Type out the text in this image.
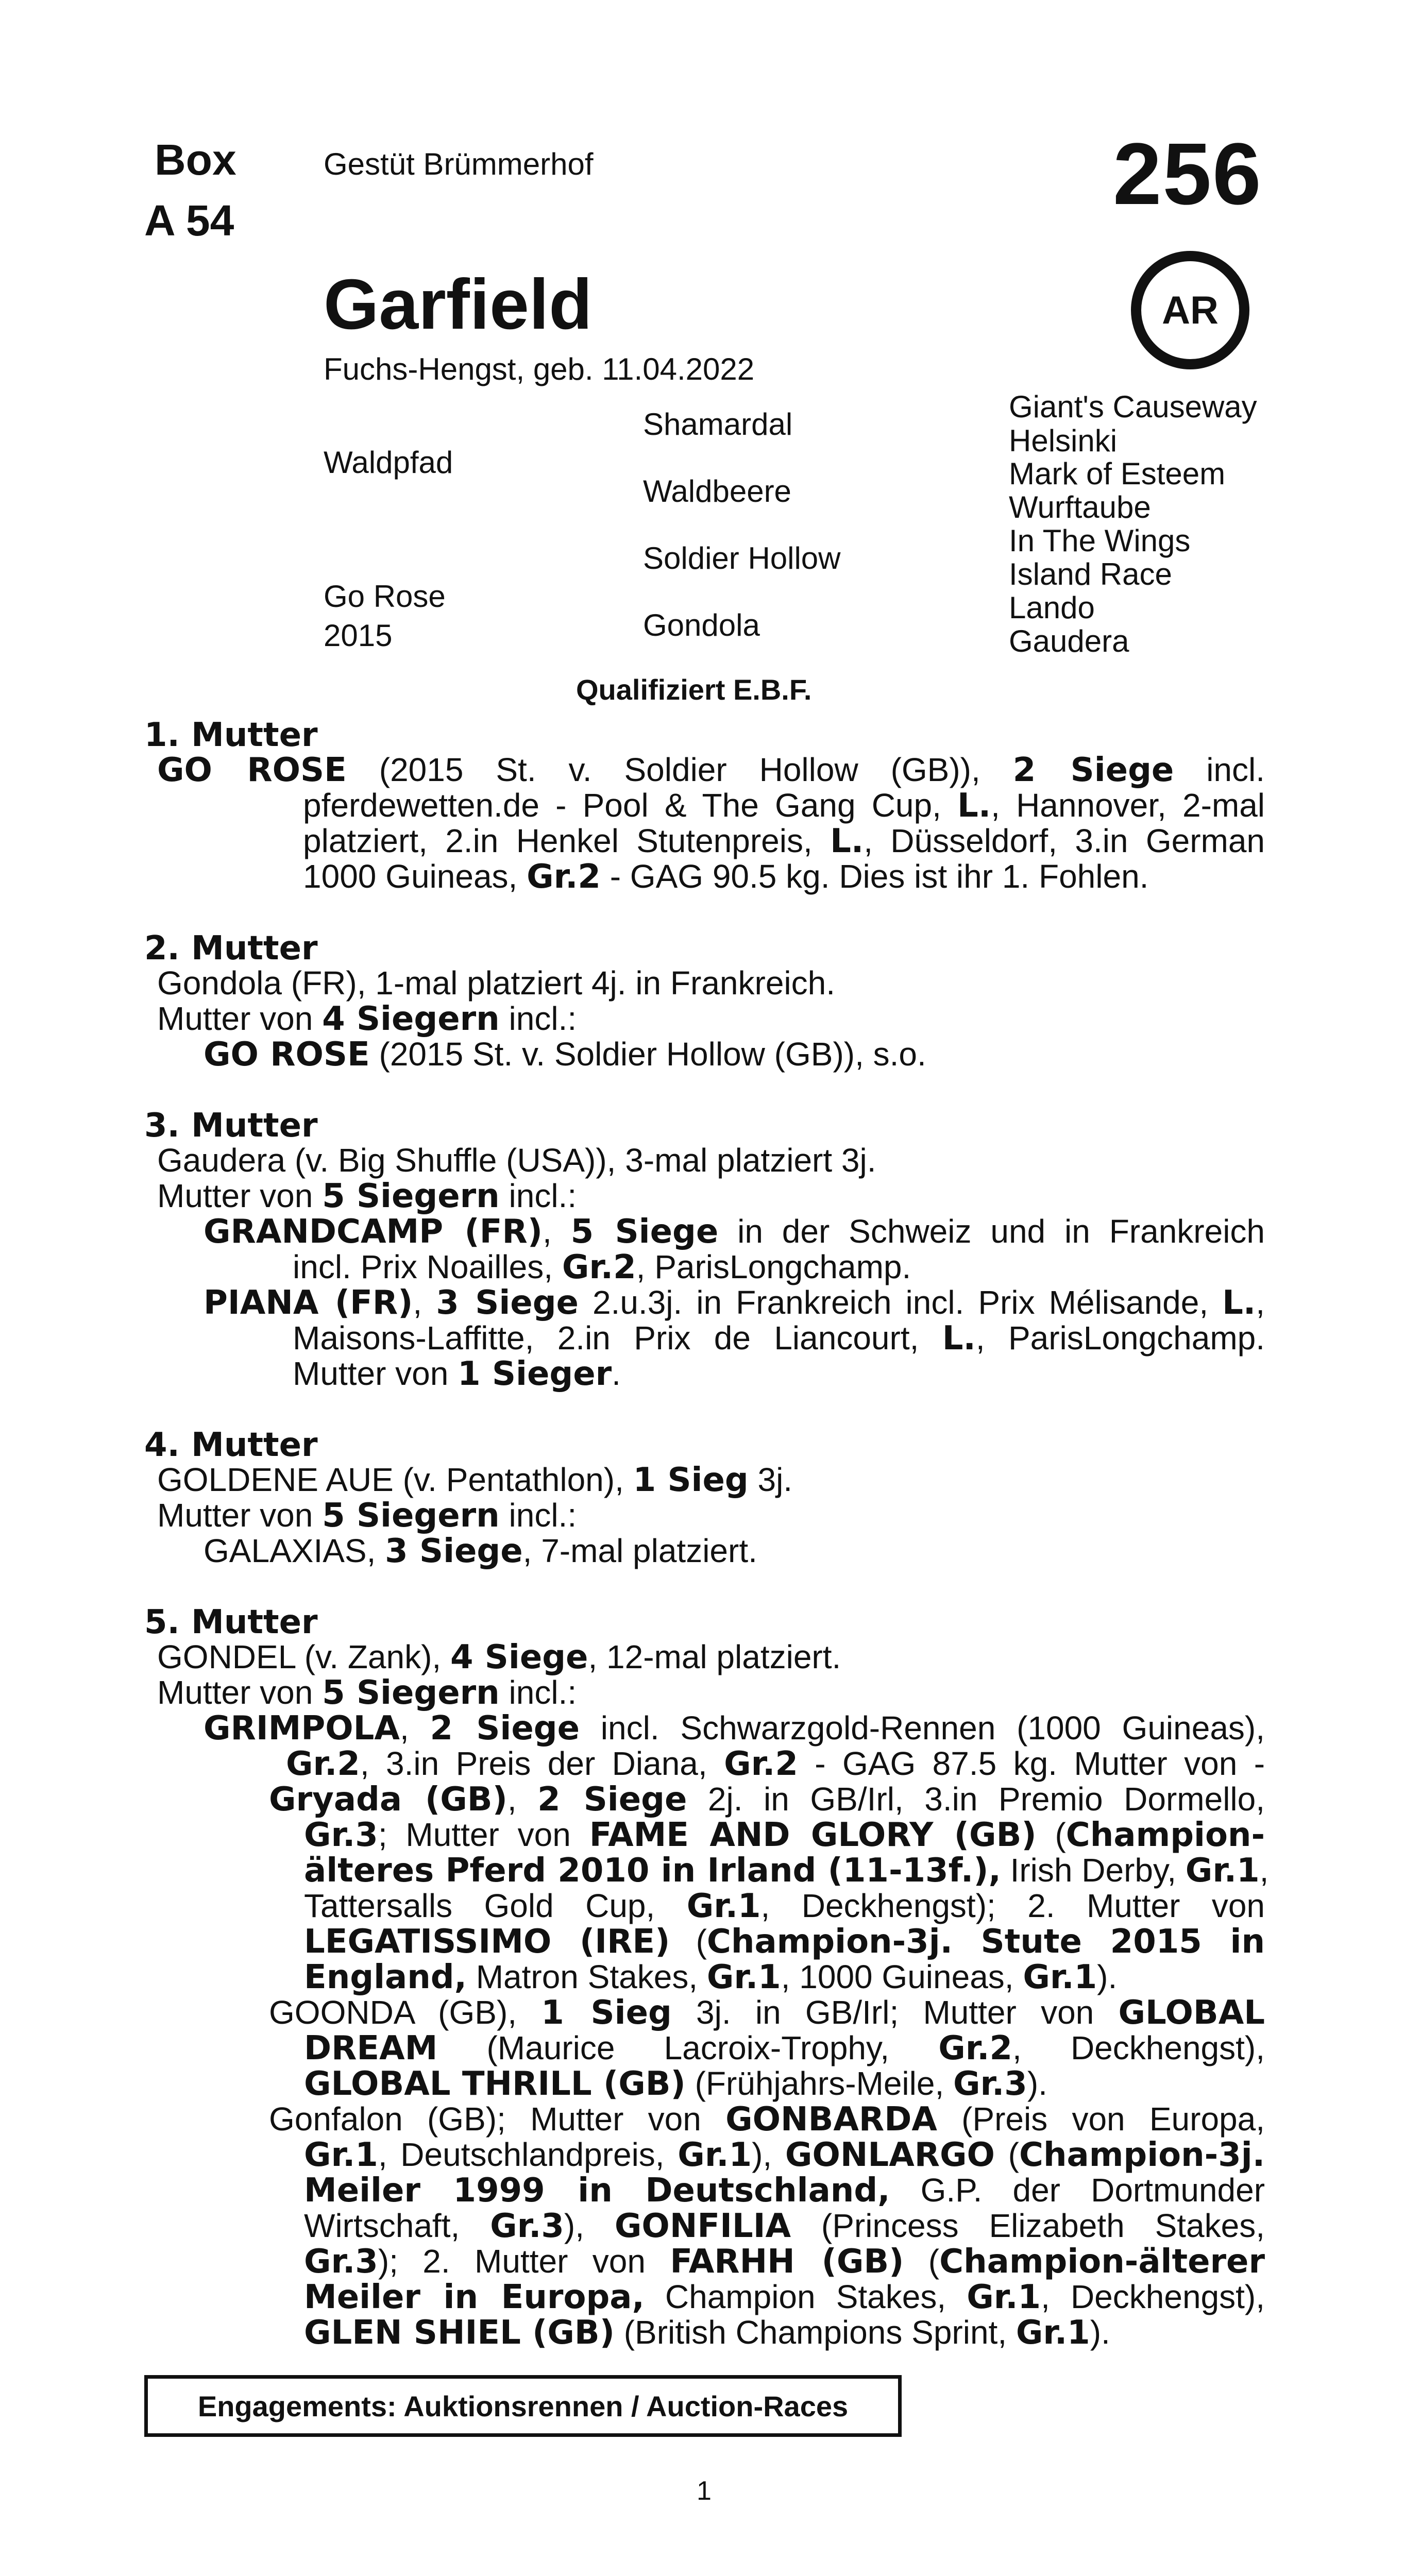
Box
A 54
Gestüt Brümmerhof	256
Garfield	AR
Fuchs-Hengst, geb. 11.04.2022
Waldpfad
Go Rose
2015
Shamardal
Waldbeere
Soldier Hollow
Gondola
Giant's Causeway
Helsinki
Mark of Esteem
Wurftaube
In The Wings
Island Race
Lando
Gaudera
Qualifiziert E.B.F.
1. Mutter
GO ROSE (2015 St. v. Soldier Hollow (GB)), 2 Siege incl.
pferdewetten.de - Pool & The Gang Cup, L., Hannover, 2-mal
platziert, 2.in Henkel Stutenpreis, L., Düsseldorf, 3.in German
1000 Guineas, Gr.2 - GAG 90.5 kg. Dies ist ihr 1. Fohlen.
2. Mutter
Gondola (FR), 1-mal platziert 4j. in Frankreich.
Mutter von 4 Siegern incl.:
GO ROSE (2015 St. v. Soldier Hollow (GB)), s.o.
3. Mutter
Gaudera (v. Big Shuffle (USA)), 3-mal platziert 3j.
Mutter von 5 Siegern incl.:
GRANDCAMP (FR), 5 Siege in der Schweiz und in Frankreich
incl. Prix Noailles, Gr.2, ParisLongchamp.
PIANA (FR), 3 Siege 2.u.3j. in Frankreich incl. Prix Mélisande, L.,
Maisons-Laffitte, 2.in Prix de Liancourt, L., ParisLongchamp.
Mutter von 1 Sieger.
4. Mutter
GOLDENE AUE (v. Pentathlon), 1 Sieg 3j.
Mutter von 5 Siegern incl.:
GALAXIAS, 3 Siege, 7-mal platziert.
5. Mutter
GONDEL (v. Zank), 4 Siege, 12-mal platziert.
Mutter von 5 Siegern incl.:
GRIMPOLA, 2 Siege incl. Schwarzgold-Rennen (1000 Guineas),
Gr.2, 3.in Preis der Diana, Gr.2 - GAG 87.5 kg. Mutter von -
Gryada (GB), 2 Siege 2j. in GB/Irl, 3.in Premio Dormello,
Gr.3; Mutter von FAME AND GLORY (GB) (Champion-
älteres Pferd 2010 in Irland (11-13f.), Irish Derby, Gr.1,
Tattersalls Gold Cup, Gr.1, Deckhengst); 2. Mutter von
LEGATISSIMO (IRE) (Champion-3j. Stute 2015 in
England, Matron Stakes, Gr.1, 1000 Guineas, Gr.1).
GOONDA (GB), 1 Sieg 3j. in GB/Irl; Mutter von GLOBAL
DREAM (Maurice Lacroix-Trophy, Gr.2, Deckhengst),
GLOBAL THRILL (GB) (Frühjahrs-Meile, Gr.3).
Gonfalon (GB); Mutter von GONBARDA (Preis von Europa,
Gr.1, Deutschlandpreis, Gr.1), GONLARGO (Champion-3j.
Meiler 1999 in Deutschland, G.P. der Dortmunder
Wirtschaft, Gr.3), GONFILIA (Princess Elizabeth Stakes,
Gr.3); 2. Mutter von FARHH (GB) (Champion-älterer
Meiler in Europa, Champion Stakes, Gr.1, Deckhengst),
GLEN SHIEL (GB) (British Champions Sprint, Gr.1).
Engagements: Auktionsrennen / Auction-Races
1
